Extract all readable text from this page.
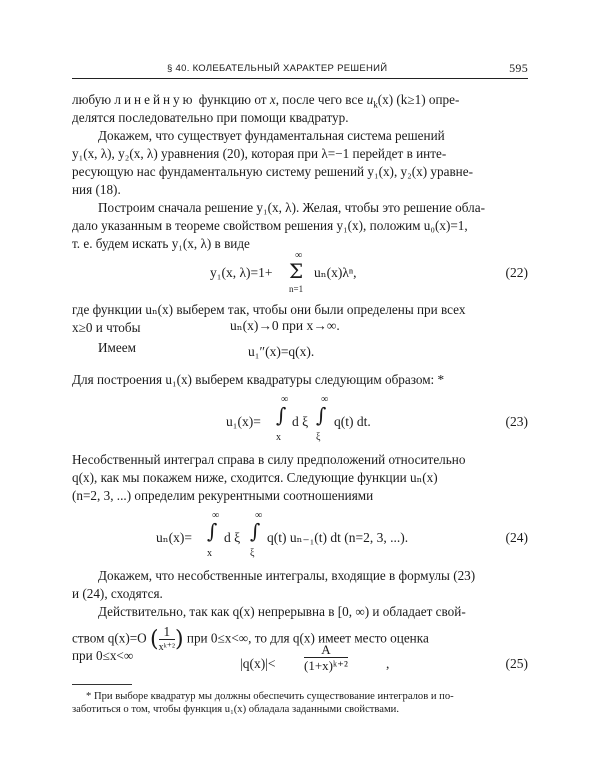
§ 40. КОЛЕБАТЕЛЬНЫЙ ХАРАКТЕР РЕШЕНИЙ	595
любую линейную функцию от x, после чего все $u_k(x)$ (k≥1) опре-
делятся последовательно при помощи квадратур.
Докажем, что существует фундаментальная система решений
y₁(x, λ), y₂(x, λ) уравнения (20), которая при λ=−1 перейдет в инте-
ресующую нас фундаментальную систему решений y₁(x), y₂(x) уравне-
ния (18).
Построим сначала решение y₁(x, λ). Желая, чтобы это решение обла-
дало указанным в теореме свойством решения y₁(x), положим u₀(x)=1,
т. е. будем искать y₁(x, λ) в виде
y₁(x, λ)=1+
∞
Σ
n=1
uₙ(x)λⁿ,	(22)
где функции uₙ(x) выберем так, чтобы они были определены при всех
x≥0 и чтобы	uₙ(x)→0 при x→∞.
Имеем	u₁″(x)=q(x).
Для построения u₁(x) выберем квадратуры следующим образом: *
u₁(x)=
∞
∫
x
d ξ
∞
∫
ξ
q(t) dt.	(23)
Несобственный интеграл справа в силу предположений относительно
q(x), как мы покажем ниже, сходится. Следующие функции uₙ(x)
(n=2, 3, ...) определим рекурентными соотношениями
uₙ(x)=
∞
∫
x
d ξ
∞
∫
ξ
q(t) uₙ₋₁(t) dt (n=2, 3, ...).	(24)
Докажем, что несобственные интегралы, входящие в формулы (23)
и (24), сходятся.
Действительно, так как q(x) непрерывна в [0, ∞) и обладает свой-
ством q(x)=O ( $\frac{1}{\text{xᵏ⁺²}}$ ) при 0≤x<∞, то для q(x) имеет место оценка
при 0≤x<∞
$|q(x)|< \frac{A}{\text{(1+x)ᵏ⁺²}}$	,	(25)
* При выборе квадратур мы должны обеспечить существование интегралов и по-
заботиться о том, чтобы функция u₁(x) обладала заданными свойствами.
